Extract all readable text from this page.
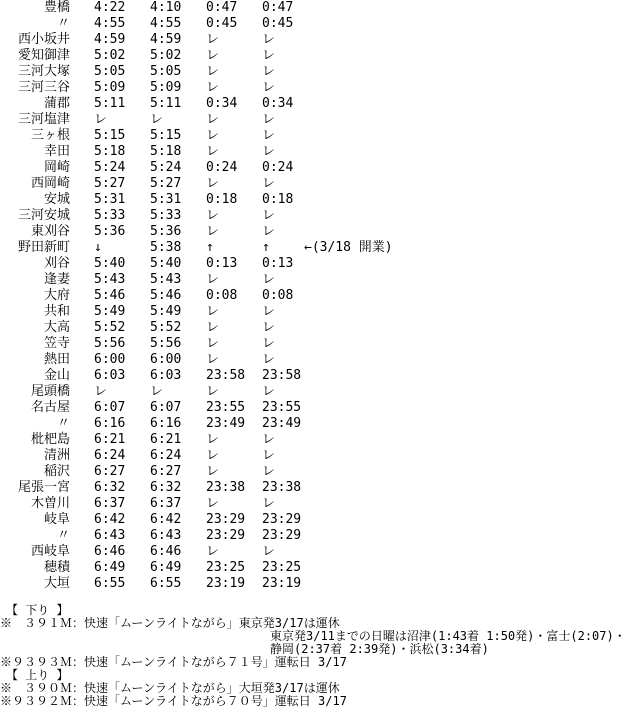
豊橋 4:22 4:10 0:47 0:47
〃 4:55 4:55 0:45 0:45
西小坂井 4:59 4:59 レ	レ
愛知御津 5:02 5:02 レ	レ
三河大塚 5:05 5:05 レ	レ
三河三谷 5:09 5:09 レ	レ
蒲郡 5:11 5:11 0:34 0:34
三河塩津 レ	レ	レ	レ
三ヶ根 5:15 5:15 レ	レ
幸田 5:18 5:18 レ	レ
岡崎 5:24 5:24 0:24 0:24
西岡崎 5:27 5:27 レ	レ
安城 5:31 5:31 0:18 0:18
三河安城 5:33 5:33 レ	レ
東刈谷 5:36 5:36 レ	レ
野田新町 ↓	5:38 ↑	↑	←(3/18 開業)
刈谷 5:40 5:40 0:13 0:13
逢妻 5:43 5:43 レ	レ
大府 5:46 5:46 0:08 0:08
共和 5:49 5:49 レ	レ
大高 5:52 5:52 レ	レ
笠寺 5:56 5:56 レ	レ
熱田 6:00 6:00 レ	レ
金山 6:03 6:03 23:58 23:58
尾頭橋 レ	レ	レ	レ
名古屋 6:07 6:07 23:55 23:55
〃 6:16 6:16 23:49 23:49
枇杷島 6:21 6:21 レ	レ
清洲 6:24 6:24 レ	レ
稲沢 6:27 6:27 レ	レ
尾張一宮 6:32 6:32 23:38 23:38
木曽川 6:37 6:37 レ	レ
岐阜 6:42 6:42 23:29 23:29
〃 6:43 6:43 23:29 23:29
西岐阜 6:46 6:46 レ	レ
穂積 6:49 6:49 23:25 23:25
大垣 6:55 6:55 23:19 23:19
　【 下り 】
※　３９１Ｍ：快速「ムーンライトながら」東京発3/17は運休
東京発3/11までの日曜は沼津(1:43着 1:50発)・富士(2:07)・
静岡(2:37着 2:39発)・浜松(3:34着)
※９３９３Ｍ：快速「ムーンライトながら７１号」運転日 3/17
　【 上り 】
※　３９０Ｍ：快速「ムーンライトながら」大垣発3/17は運休
※９３９２Ｍ：快速「ムーンライトながら７０号」運転日 3/17
